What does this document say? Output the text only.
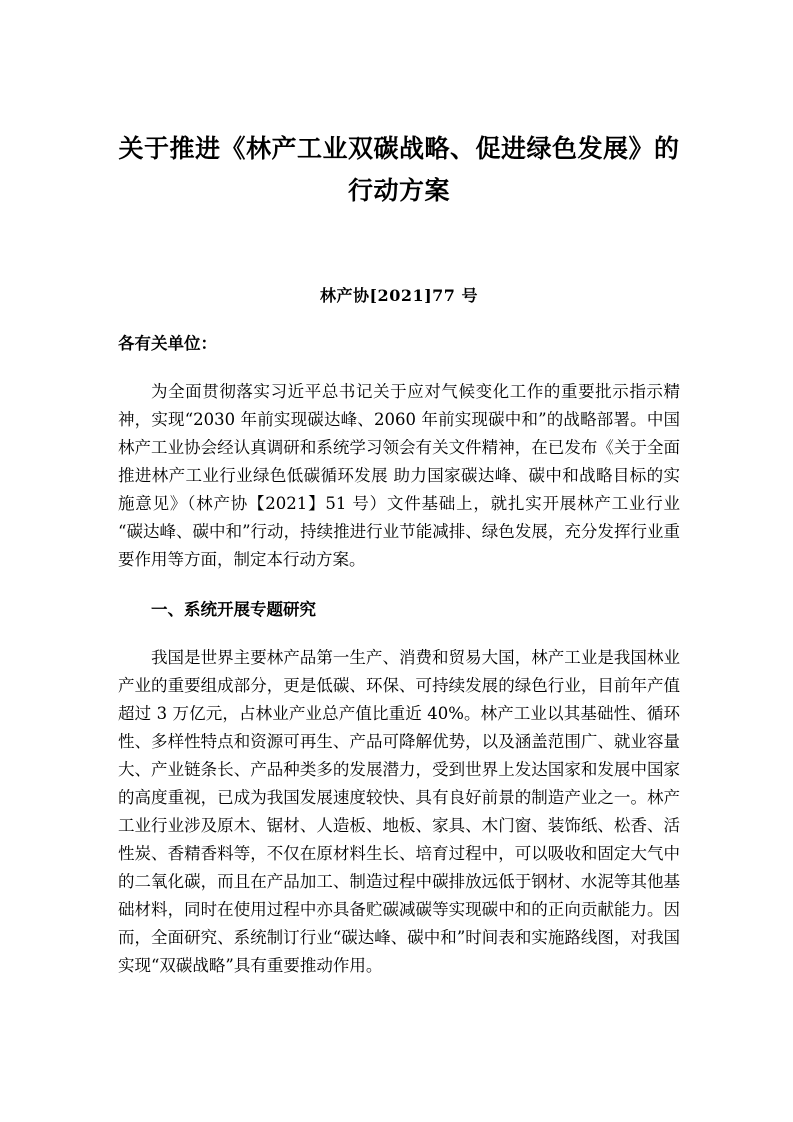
关于推进《林产工业双碳战略、促进绿色发展》的行动方案

林产协[2021]77 号

各有关单位：

为全面贯彻落实习近平总书记关于应对气候变化工作的重要批示指示精神，实现“2030 年前实现碳达峰、2060 年前实现碳中和”的战略部署。中国林产工业协会经认真调研和系统学习领会有关文件精神，在已发布《关于全面推进林产工业行业绿色低碳循环发展 助力国家碳达峰、碳中和战略目标的实施意见》（林产协【2021】51 号）文件基础上，就扎实开展林产工业行业“碳达峰、碳中和”行动，持续推进行业节能减排、绿色发展，充分发挥行业重要作用等方面，制定本行动方案。

一、系统开展专题研究

我国是世界主要林产品第一生产、消费和贸易大国，林产工业是我国林业产业的重要组成部分，更是低碳、环保、可持续发展的绿色行业，目前年产值超过 3 万亿元，占林业产业总产值比重近 40%。林产工业以其基础性、循环性、多样性特点和资源可再生、产品可降解优势，以及涵盖范围广、就业容量大、产业链条长、产品种类多的发展潜力，受到世界上发达国家和发展中国家的高度重视，已成为我国发展速度较快、具有良好前景的制造产业之一。林产工业行业涉及原木、锯材、人造板、地板、家具、木门窗、装饰纸、松香、活性炭、香精香料等，不仅在原材料生长、培育过程中，可以吸收和固定大气中的二氧化碳，而且在产品加工、制造过程中碳排放远低于钢材、水泥等其他基础材料，同时在使用过程中亦具备贮碳减碳等实现碳中和的正向贡献能力。因而，全面研究、系统制订行业“碳达峰、碳中和”时间表和实施路线图，对我国实现“双碳战略”具有重要推动作用。
